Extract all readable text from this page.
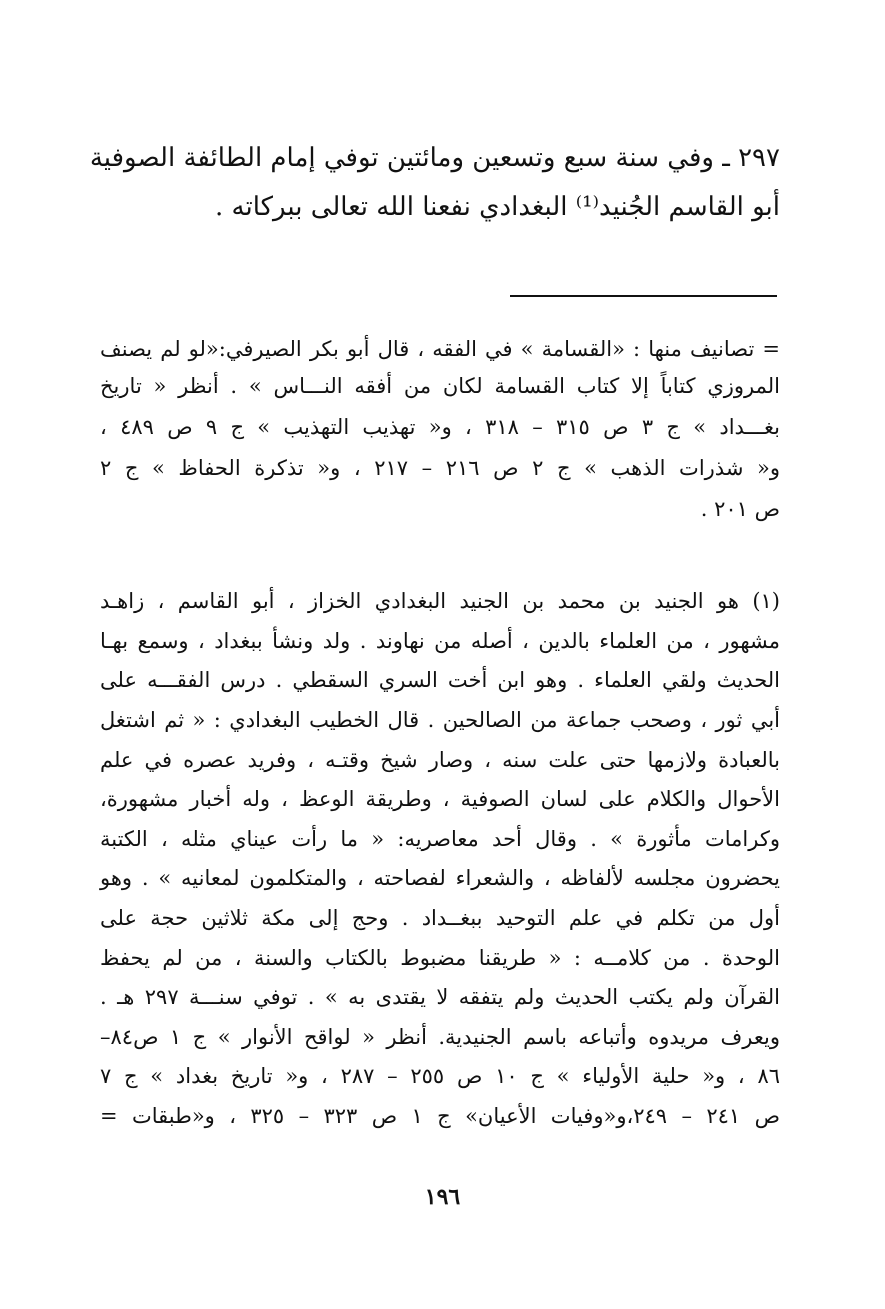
٢٩٧ ـ وفي سنة سبع وتسعين ومائتين توفي إمام الطائفة الصوفية
أبو القاسم الجُنيد⁽¹⁾ البغدادي نفعنا الله تعالى ببركاته .
= تصانيف منها : «القسامة » في الفقه ، قال أبو بكر الصيرفي:«لو لم يصنف
المروزي كتاباً إلا كتاب القسامة لكان من أفقه النـــاس » . أنظر « تاريخ
بغـــداد » ج ٣ ص ٣١٥ – ٣١٨ ، و« تهذيب التهذيب » ج ٩ ص ٤٨٩ ،
و« شذرات الذهب » ج ٢ ص ٢١٦ – ٢١٧ ، و« تذكرة الحفاظ » ج ٢
ص ٢٠١ .
(١) هو الجنيد بن محمد بن الجنيد البغدادي الخزاز ، أبو القاسم ، زاهـد
مشهور ، من العلماء بالدين ، أصله من نهاوند . ولد ونشأ ببغداد ، وسمع بهـا
الحديث ولقي العلماء . وهو ابن أخت السري السقطي . درس الفقـــه على
أبي ثور ، وصحب جماعة من الصالحين . قال الخطيب البغدادي : « ثم اشتغل
بالعبادة ولازمها حتى علت سنه ، وصار شيخ وقتـه ، وفريد عصره في علم
الأحوال والكلام على لسان الصوفية ، وطريقة الوعظ ، وله أخبار مشهورة،
وكرامات مأثورة » . وقال أحد معاصريه: « ما رأت عيناي مثله ، الكتبة
يحضرون مجلسه لألفاظه ، والشعراء لفصاحته ، والمتكلمون لمعانيه » . وهو
أول من تكلم في علم التوحيد ببغــداد . وحج إلى مكة ثلاثين حجة على
الوحدة . من كلامــه : « طريقنا مضبوط بالكتاب والسنة ، من لم يحفظ
القرآن ولم يكتب الحديث ولم يتفقه لا يقتدى به » . توفي سنـــة ٢٩٧ هـ .
ويعرف مريدوه وأتباعه باسم الجنيدية. أنظر « لواقح الأنوار » ج ١ ص٨٤–
٨٦ ، و« حلية الأولياء » ج ١٠ ص ٢٥٥ – ٢٨٧ ، و« تاريخ بغداد » ج ٧
ص ٢٤١ – ٢٤٩،و«وفيات الأعيان» ج ١ ص ٣٢٣ – ٣٢٥ ، و«طبقات =
١٩٦
